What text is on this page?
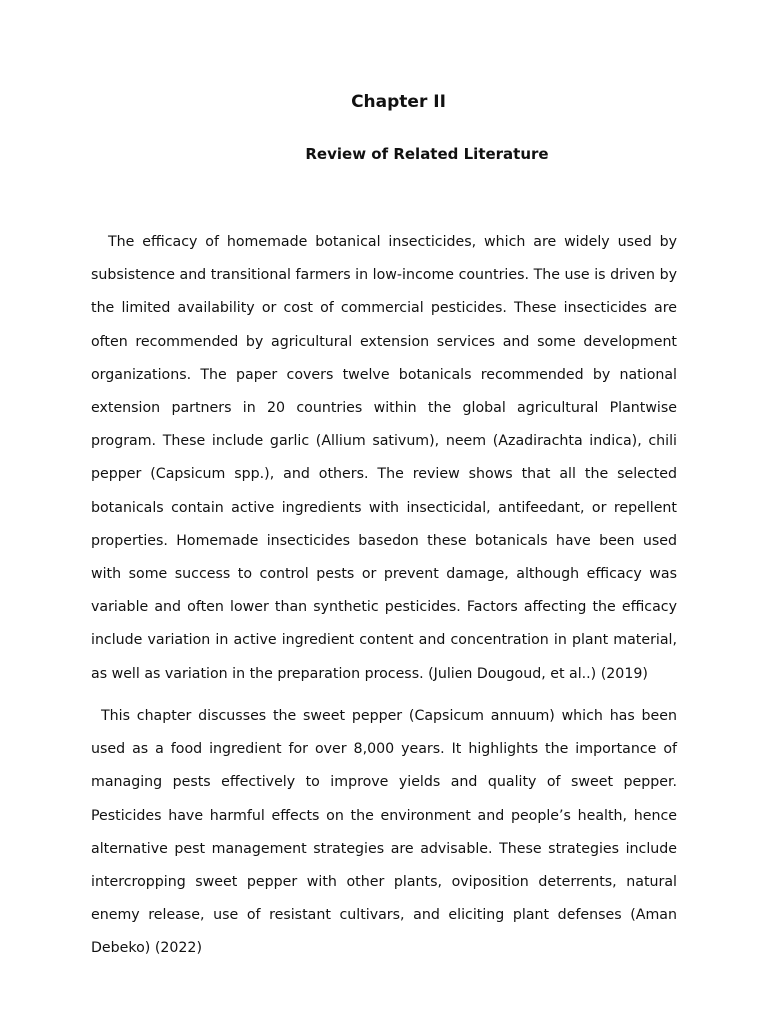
Chapter II
Review of Related Literature

The efficacy of homemade botanical insecticides, which are widely used by subsistence and transitional farmers in low-income countries. The use is driven by the limited availability or cost of commercial pesticides. These insecticides are often recommended by agricultural extension services and some development organizations. The paper covers twelve botanicals recommended by national extension partners in 20 countries within the global agricultural Plantwise program. These include garlic (Allium sativum), neem (Azadirachta indica), chili pepper (Capsicum spp.), and others. The review shows that all the selected botanicals contain active ingredients with insecticidal, antifeedant, or repellent properties. Homemade insecticides basedon these botanicals have been used with some success to control pests or prevent damage, although efficacy was variable and often lower than synthetic pesticides. Factors affecting the efficacy include variation in active ingredient content and concentration in plant material, as well as variation in the preparation process. (Julien Dougoud, et al..) (2019)

This chapter discusses the sweet pepper (Capsicum annuum) which has been used as a food ingredient for over 8,000 years. It highlights the importance of managing pests effectively to improve yields and quality of sweet pepper. Pesticides have harmful effects on the environment and people’s health, hence alternative pest management strategies are advisable. These strategies include intercropping sweet pepper with other plants, oviposition deterrents, natural enemy release, use of resistant cultivars, and eliciting plant defenses (Aman Debeko) (2022)
